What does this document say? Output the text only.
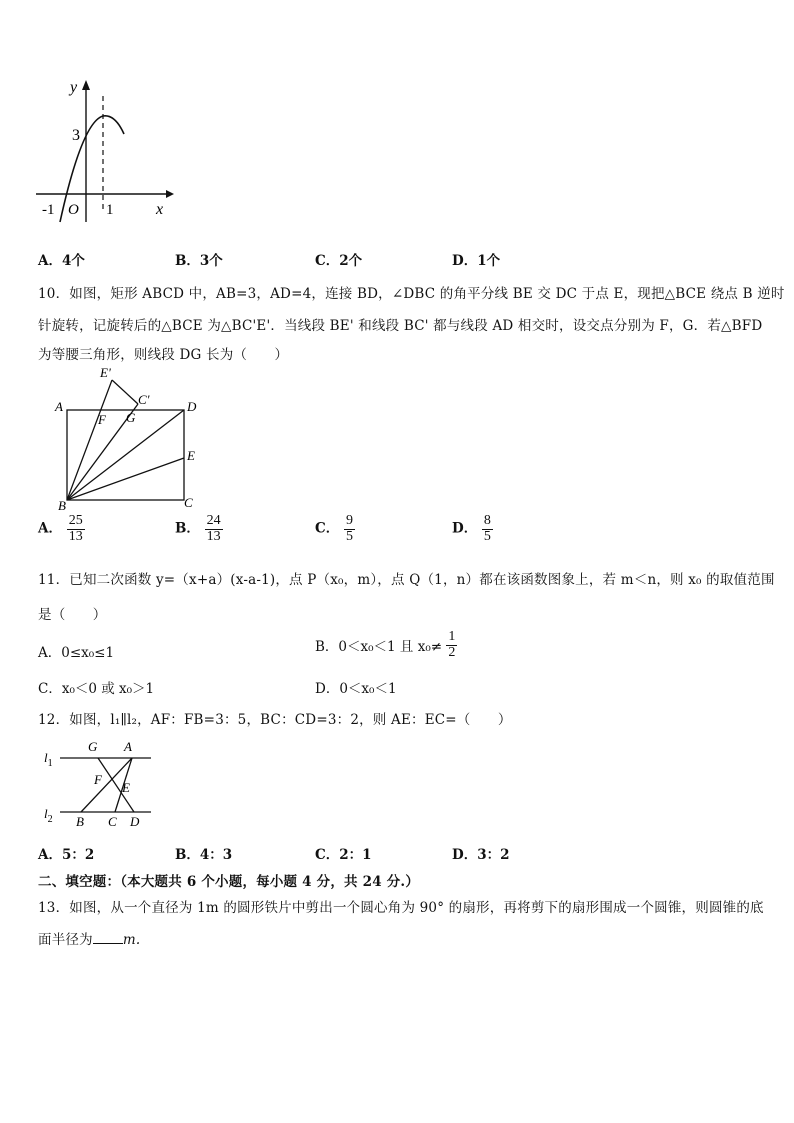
y
3
-1 O 1	x
A．4个	B．3个	C．2个	D．1个
10．如图，矩形 ABCD 中，AB=3，AD=4，连接 BD，∠DBC 的角平分线 BE 交 DC 于点 E，现把△BCE 绕点 B 逆时
针旋转，记旋转后的△BCE 为△BC'E'．当线段 BE' 和线段 BC' 都与线段 AD 相交时，设交点分别为 F，G．若△BFD
为等腰三角形，则线段 DG 长为（　　）
E'
C'
A	D
F G
E
B	C
A． $\frac{25}{13}$	B． $\frac{24}{13}$	C． $\frac{9}{5}$	D． $\frac{8}{5}$
11．已知二次函数 y=（x+a）(x-a-1)，点 P（x₀，m），点 Q（1，n）都在该函数图象上，若 m＜n，则 x₀ 的取值范围
是（　　）
A．0≤x₀≤1	B．0＜x₀＜1 且 $x_0\ne \frac{1}{2}$
C．x₀＜0 或 x₀＞1	D．0＜x₀＜1
12．如图，l₁∥l₂，AF：FB=3：5，BC：CD=3：2，则 AE：EC=（　　）
$l_1$
$l_2$
G A
F
E
B C D
A．5：2	B．4：3	C．2：1	D．3：2
二、填空题：（本大题共 6 个小题，每小题 4 分，共 24 分.）
13．如图，从一个直径为 1m 的圆形铁片中剪出一个圆心角为 90° 的扇形，再将剪下的扇形围成一个圆锥，则圆锥的底
面半径为 m.
